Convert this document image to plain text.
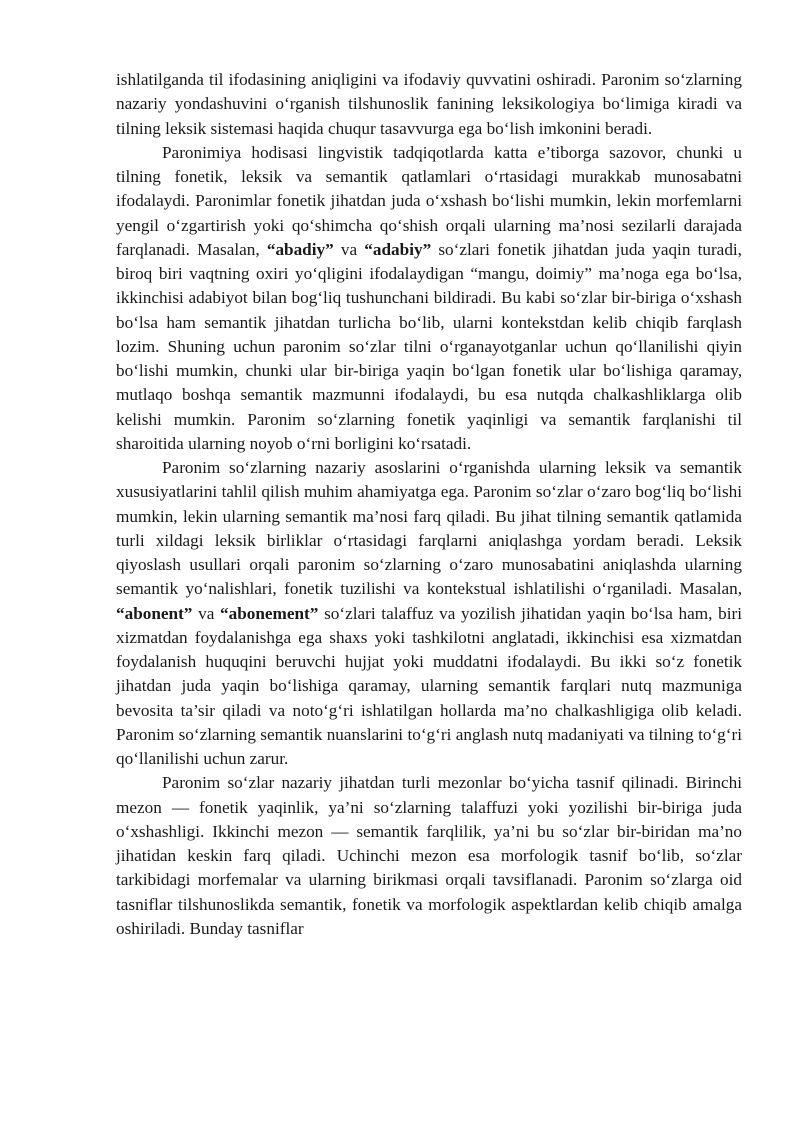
ishlatilganda til ifodasining aniqligini va ifodaviy quvvatini oshiradi. Paronim so‘zlarning nazariy yondashuvini o‘rganish tilshunoslik fanining leksikologiya bo‘limiga kiradi va tilning leksik sistemasi haqida chuqur tasavvurga ega bo‘lish imkonini beradi.

Paronimiya hodisasi lingvistik tadqiqotlarda katta e’tiborga sazovor, chunki u tilning fonetik, leksik va semantik qatlamlari o‘rtasidagi murakkab munosabatni ifodalaydi. Paronimlar fonetik jihatdan juda o‘xshash bo‘lishi mumkin, lekin morfemlarni yengil o‘zgartirish yoki qo‘shimcha qo‘shish orqali ularning ma’nosi sezilarli darajada farqlanadi. Masalan, “abadiy” va “adabiy” so‘zlari fonetik jihatdan juda yaqin turadi, biroq biri vaqtning oxiri yo‘qligini ifodalaydigan “mangu, doimiy” ma’noga ega bo‘lsa, ikkinchisi adabiyot bilan bog‘liq tushunchani bildiradi. Bu kabi so‘zlar bir-biriga o‘xshash bo‘lsa ham semantik jihatdan turlicha bo‘lib, ularni kontekstdan kelib chiqib farqlash lozim. Shuning uchun paronim so‘zlar tilni o‘rganayotganlar uchun qo‘llanilishi qiyin bo‘lishi mumkin, chunki ular bir-biriga yaqin bo‘lgan fonetik ular bo‘lishiga qaramay, mutlaqo boshqa semantik mazmunni ifodalaydi, bu esa nutqda chalkashliklarga olib kelishi mumkin. Paronim so‘zlarning fonetik yaqinligi va semantik farqlanishi til sharoitida ularning noyob o‘rni borligini ko‘rsatadi.

Paronim so‘zlarning nazariy asoslarini o‘rganishda ularning leksik va semantik xususiyatlarini tahlil qilish muhim ahamiyatga ega. Paronim so‘zlar o‘zaro bog‘liq bo‘lishi mumkin, lekin ularning semantik ma’nosi farq qiladi. Bu jihat tilning semantik qatlamida turli xildagi leksik birliklar o‘rtasidagi farqlarni aniqlashga yordam beradi. Leksik qiyoslash usullari orqali paronim so‘zlarning o‘zaro munosabatini aniqlashda ularning semantik yo‘nalishlari, fonetik tuzilishi va kontekstual ishlatilishi o‘rganiladi. Masalan, “abonent” va “abonement” so‘zlari talaffuz va yozilish jihatidan yaqin bo‘lsa ham, biri xizmatdan foydalanishga ega shaxs yoki tashkilotni anglatadi, ikkinchisi esa xizmatdan foydalanish huquqini beruvchi hujjat yoki muddatni ifodalaydi. Bu ikki so‘z fonetik jihatdan juda yaqin bo‘lishiga qaramay, ularning semantik farqlari nutq mazmuniga bevosita ta’sir qiladi va noto‘g‘ri ishlatilgan hollarda ma’no chalkashligiga olib keladi. Paronim so‘zlarning semantik nuanslarini to‘g‘ri anglash nutq madaniyati va tilning to‘g‘ri qo‘llanilishi uchun zarur.

Paronim so‘zlar nazariy jihatdan turli mezonlar bo‘yicha tasnif qilinadi. Birinchi mezon — fonetik yaqinlik, ya’ni so‘zlarning talaffuzi yoki yozilishi bir-biriga juda o‘xshashligi. Ikkinchi mezon — semantik farqlilik, ya’ni bu so‘zlar bir-biridan ma’no jihatidan keskin farq qiladi. Uchinchi mezon esa morfologik tasnif bo‘lib, so‘zlar tarkibidagi morfemalar va ularning birikmasi orqali tavsiflanadi. Paronim so‘zlarga oid tasniflar tilshunoslikda semantik, fonetik va morfologik aspektlardan kelib chiqib amalga oshiriladi. Bunday tasniflar
